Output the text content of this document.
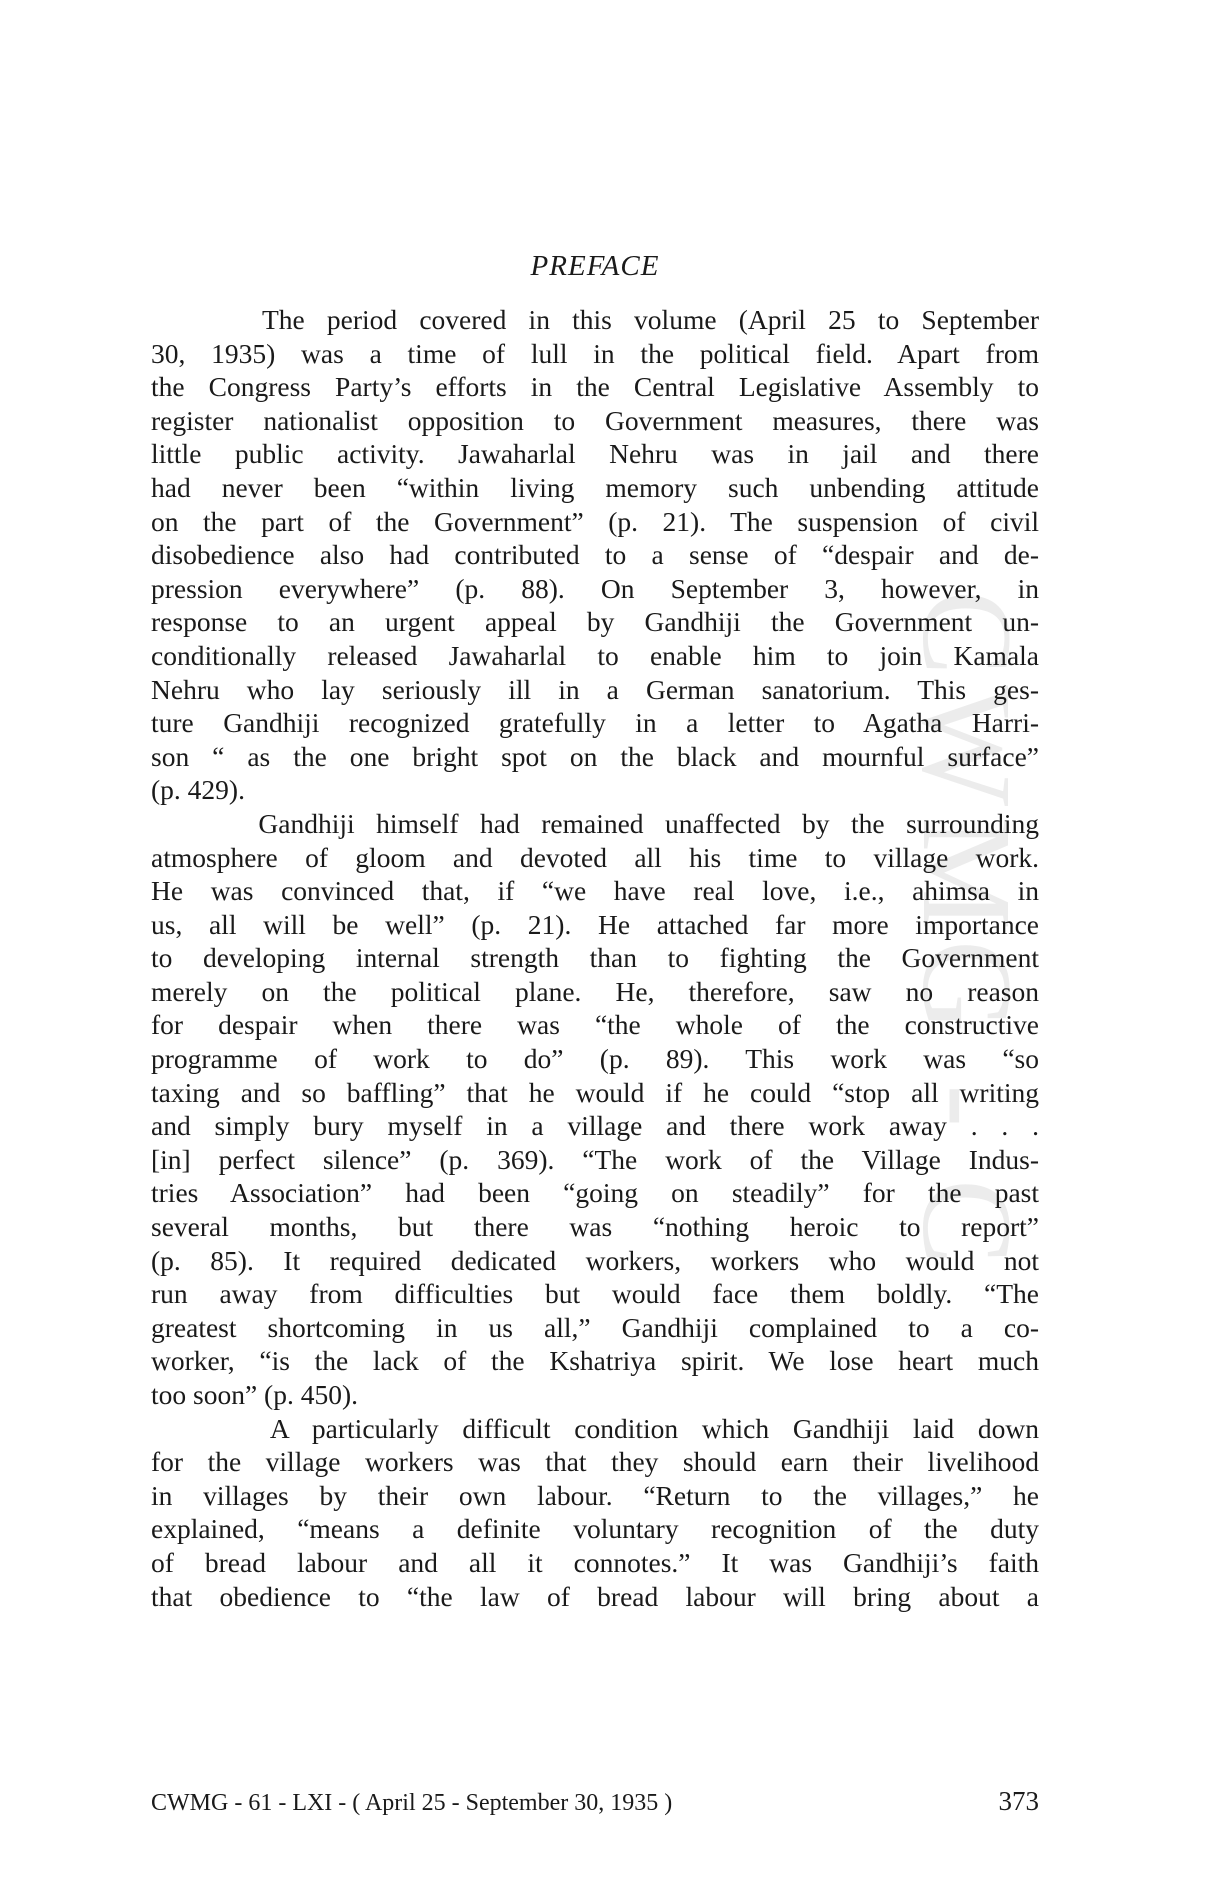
CWMG - C
PREFACE
The period covered in this volume (April 25 to September
30, 1935) was a time of lull in the political field. Apart from
the Congress Party’s efforts in the Central Legislative Assembly to
register nationalist opposition to Government measures, there was
little public activity. Jawaharlal Nehru was in jail and there
had never been “within living memory such unbending attitude
on the part of the Government” (p. 21). The suspension of civil
disobedience also had contributed to a sense of “despair and de-
pression everywhere” (p. 88). On September 3, however, in
response to an urgent appeal by Gandhiji the Government un-
conditionally released Jawaharlal to enable him to join Kamala
Nehru who lay seriously ill in a German sanatorium. This ges-
ture Gandhiji recognized gratefully in a letter to Agatha Harri-
son “ as the one bright spot on the black and mournful surface”
(p. 429).
Gandhiji himself had remained unaffected by the surrounding
atmosphere of gloom and devoted all his time to village work.
He was convinced that, if “we have real love, i.e., ahimsa in
us, all will be well” (p. 21). He attached far more importance
to developing internal strength than to fighting the Government
merely on the political plane. He, therefore, saw no reason
for despair when there was “the whole of the constructive
programme of work to do” (p. 89). This work was “so
taxing and so baffling” that he would if he could “stop all writing
and simply bury myself in a village and there work away . . .
[in] perfect silence” (p. 369). “The work of the Village Indus-
tries Association” had been “going on steadily” for the past
several months, but there was “nothing heroic to report”
(p. 85). It required dedicated workers, workers who would not
run away from difficulties but would face them boldly. “The
greatest shortcoming in us all,” Gandhiji complained to a co-
worker, “is the lack of the Kshatriya spirit. We lose heart much
too soon” (p. 450).
A particularly difficult condition which Gandhiji laid down
for the village workers was that they should earn their livelihood
in villages by their own labour. “Return to the villages,” he
explained, “means a definite voluntary recognition of the duty
of bread labour and all it connotes.” It was Gandhiji’s faith
that obedience to “the law of bread labour will bring about a
CWMG - 61 - LXI - ( April 25 - September 30, 1935 )	373
